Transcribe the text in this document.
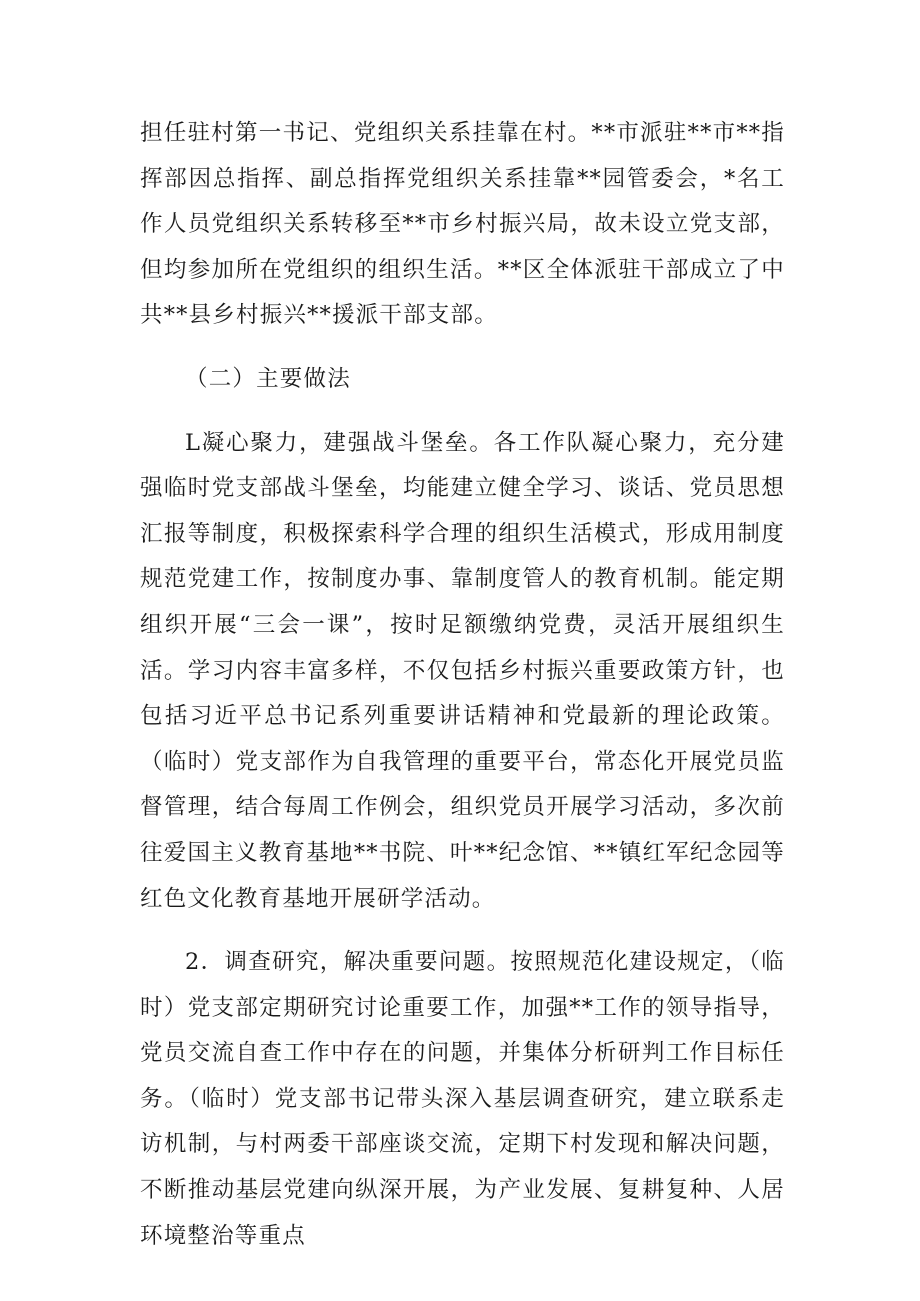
担任驻村第一书记、党组织关系挂靠在村。**市派驻**市**指挥部因总指挥、副总指挥党组织关系挂靠**园管委会，*名工作人员党组织关系转移至**市乡村振兴局，故未设立党支部，但均参加所在党组织的组织生活。**区全体派驻干部成立了中共**县乡村振兴**援派干部支部。

（二）主要做法

L凝心聚力，建强战斗堡垒。各工作队凝心聚力，充分建强临时党支部战斗堡垒，均能建立健全学习、谈话、党员思想汇报等制度，积极探索科学合理的组织生活模式，形成用制度规范党建工作，按制度办事、靠制度管人的教育机制。能定期组织开展“三会一课”，按时足额缴纳党费，灵活开展组织生活。学习内容丰富多样，不仅包括乡村振兴重要政策方针，也包括习近平总书记系列重要讲话精神和党最新的理论政策。（临时）党支部作为自我管理的重要平台，常态化开展党员监督管理，结合每周工作例会，组织党员开展学习活动，多次前往爱国主义教育基地**书院、叶**纪念馆、**镇红军纪念园等红色文化教育基地开展研学活动。

2．调查研究，解决重要问题。按照规范化建设规定，（临时）党支部定期研究讨论重要工作，加强**工作的领导指导，党员交流自查工作中存在的问题，并集体分析研判工作目标任务。（临时）党支部书记带头深入基层调查研究，建立联系走访机制，与村两委干部座谈交流，定期下村发现和解决问题，不断推动基层党建向纵深开展，为产业发展、复耕复种、人居环境整治等重点
